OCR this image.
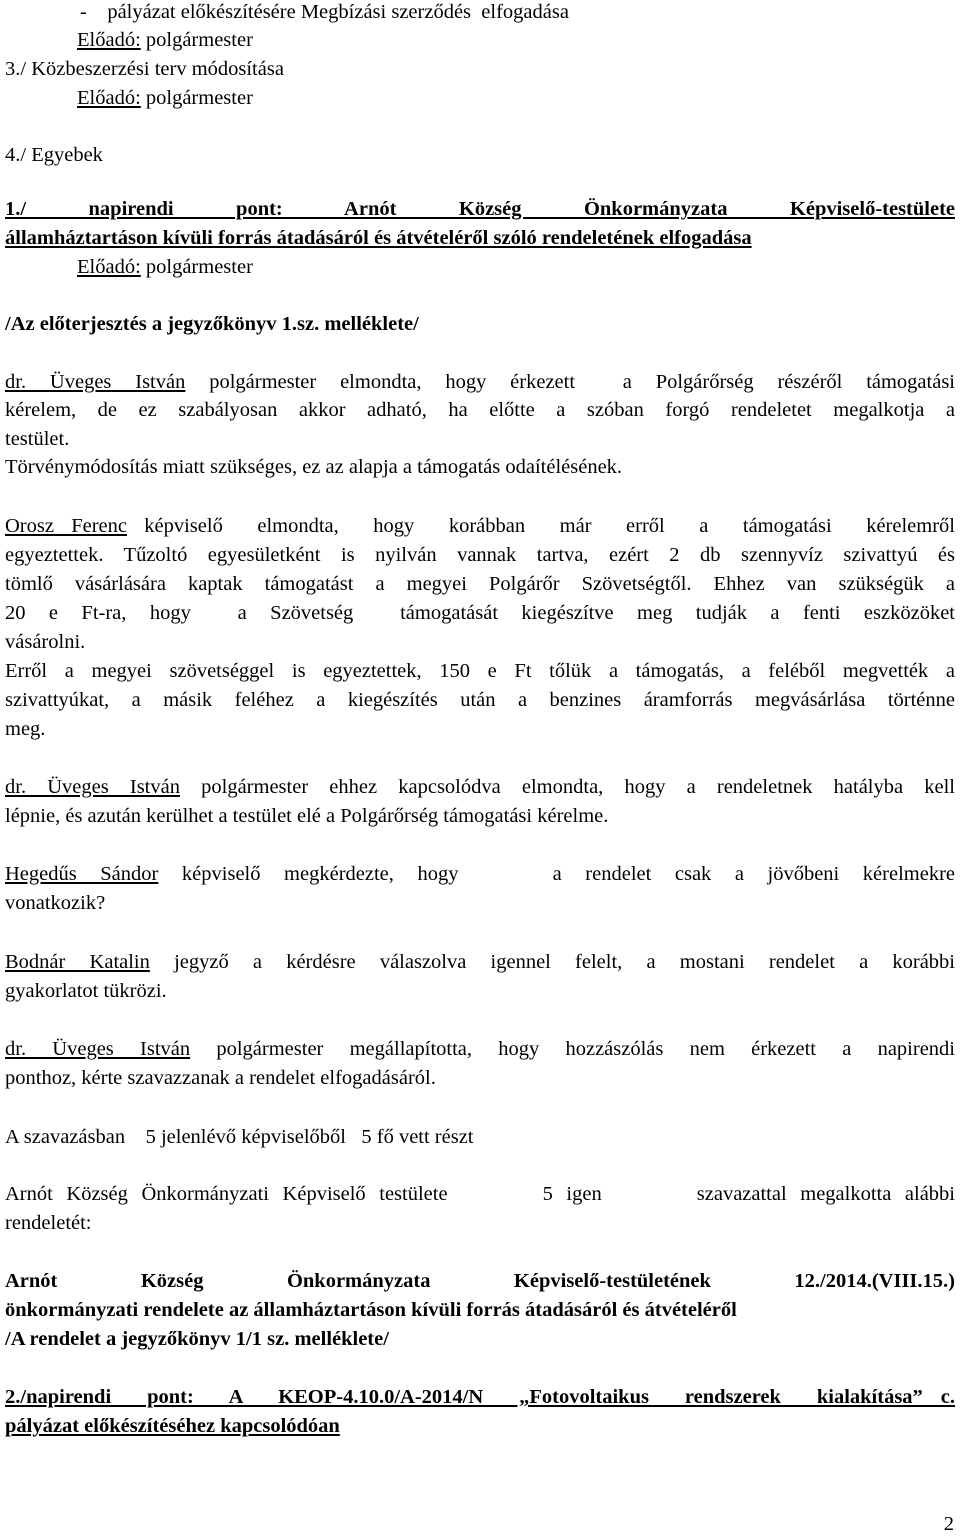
-    pályázat előkészítésére Megbízási szerződés  elfogadása
Előadó: polgármester
3./ Közbeszerzési terv módosítása
Előadó: polgármester
4./ Egyebek
1./ napirendi pont: Arnót Község Önkormányzata Képviselő-testülete
államháztartáson kívüli forrás átadásáról és átvételéről szóló rendeletének elfogadása
Előadó: polgármester
/Az előterjesztés a jegyzőkönyv 1.sz. melléklete/
dr. Üveges István polgármester elmondta, hogy érkezett  a Polgárőrség részéről támogatási
kérelem, de ez szabályosan akkor adható, ha előtte a szóban forgó rendeletet megalkotja a
testület.
Törvénymódosítás miatt szükséges, ez az alapja a támogatás odaítélésének.
Orosz Ferenc képviselő  elmondta,  hogy  korábban  már  erről  a  támogatási  kérelemről
egyeztettek. Tűzoltó egyesületként is nyilván vannak tartva, ezért 2 db szennyvíz szivattyú és
tömlő vásárlására kaptak támogatást a megyei Polgárőr Szövetségtől. Ehhez van szükségük a
20  e  Ft-ra,  hogy    a  Szövetség    támogatását  kiegészítve  meg  tudják  a  fenti  eszközöket
vásárolni.
Erről a megyei szövetséggel is egyeztettek, 150 e Ft tőlük a támogatás, a feléből megvették a
szivattyúkat, a másik feléhez a kiegészítés után a benzines áramforrás megvásárlása történne
meg.
dr. Üveges István polgármester ehhez kapcsolódva elmondta, hogy a rendeletnek hatályba kell
lépnie, és azután kerülhet a testület elé a Polgárőrség támogatási kérelme.
Hegedűs Sándor képviselő megkérdezte, hogy    a rendelet csak a jövőbeni kérelmekre
vonatkozik?
Bodnár Katalin jegyző a kérdésre válaszolva igennel felelt, a mostani rendelet a korábbi
gyakorlatot tükrözi.
dr. Üveges István polgármester megállapította, hogy hozzászólás nem érkezett a napirendi
ponthoz, kérte szavazzanak a rendelet elfogadásáról.
A szavazásban    5 jelenlévő képviselőből   5 fő vett részt
Arnót Község Önkormányzati Képviselő testülete       5 igen       szavazattal megalkotta alábbi
rendeletét:
Arnót    Község    Önkormányzata    Képviselő-testületének    12./2014.(VIII.15.)
önkormányzati rendelete az államháztartáson kívüli forrás átadásáról és átvételéről
/A rendelet a jegyzőkönyv 1/1 sz. melléklete/
2./napirendi  pont:  A  KEOP-4.10.0/A-2014/N  „Fotovoltaikus  rendszerek  kialakítása” c.
pályázat előkészítéséhez kapcsolódóan
2
